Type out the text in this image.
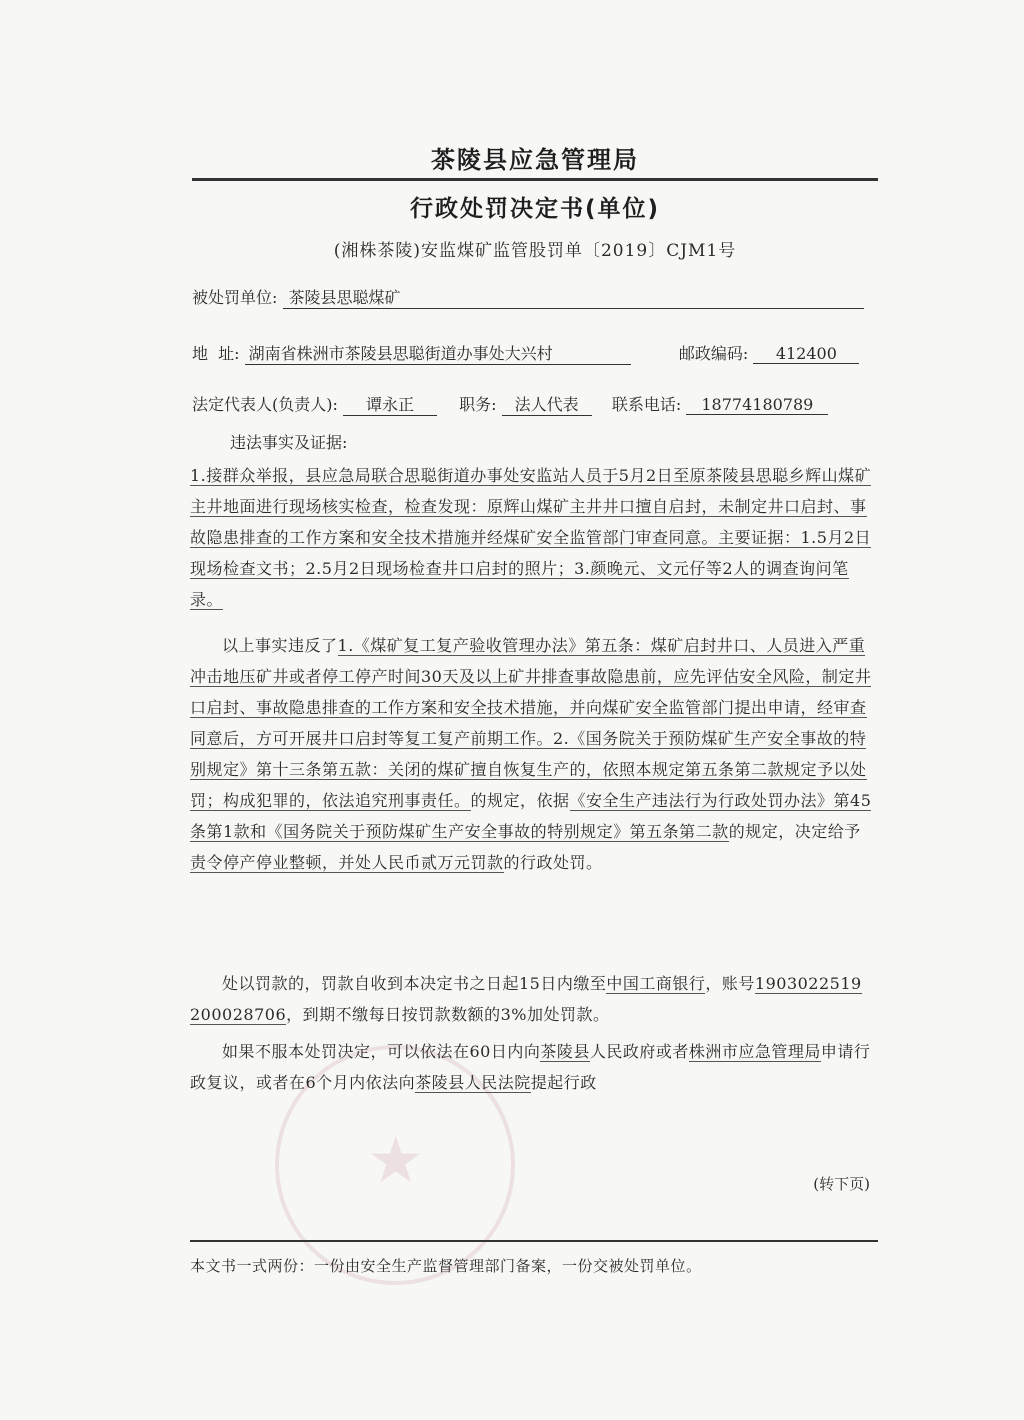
★
茶陵县应急管理局
行政处罚决定书(单位)
(湘株茶陵)安监煤矿监管股罚单〔2019〕CJM1号
被处罚单位: 茶陵县思聪煤矿
地  址: 湖南省株洲市茶陵县思聪街道办事处大兴村	邮政编码: 412400
法定代表人(负责人): 谭永正	职务: 法人代表 联系电话: 18774180789
违法事实及证据:
1.接群众举报，县应急局联合思聪街道办事处安监站人员于5月2日至原茶陵县思聪乡辉山煤矿主井地面进行现场核实检查，检查发现：原辉山煤矿主井井口擅自启封，未制定井口启封、事故隐患排查的工作方案和安全技术措施并经煤矿安全监管部门审查同意。主要证据：1.5月2日现场检查文书；2.5月2日现场检查井口启封的照片；3.颜晚元、文元仔等2人的调查询问笔录。
以上事实违反了1.《煤矿复工复产验收管理办法》第五条：煤矿启封井口、人员进入严重冲击地压矿井或者停工停产时间30天及以上矿井排查事故隐患前，应先评估安全风险，制定井口启封、事故隐患排查的工作方案和安全技术措施，并向煤矿安全监管部门提出申请，经审查同意后，方可开展井口启封等复工复产前期工作。2.《国务院关于预防煤矿生产安全事故的特别规定》第十三条第五款：关闭的煤矿擅自恢复生产的，依照本规定第五条第二款规定予以处罚；构成犯罪的，依法追究刑事责任。的规定，依据《安全生产违法行为行政处罚办法》第45条第1款和《国务院关于预防煤矿生产安全事故的特别规定》第五条第二款的规定，决定给予责令停产停业整顿，并处人民币贰万元罚款的行政处罚。
处以罚款的，罚款自收到本决定书之日起15日内缴至中国工商银行，账号1903022519200028706，到期不缴每日按罚款数额的3%加处罚款。
如果不服本处罚决定，可以依法在60日内向茶陵县人民政府或者株洲市应急管理局申请行政复议，或者在6个月内依法向茶陵县人民法院提起行政
(转下页)
本文书一式两份：一份由安全生产监督管理部门备案，一份交被处罚单位。
